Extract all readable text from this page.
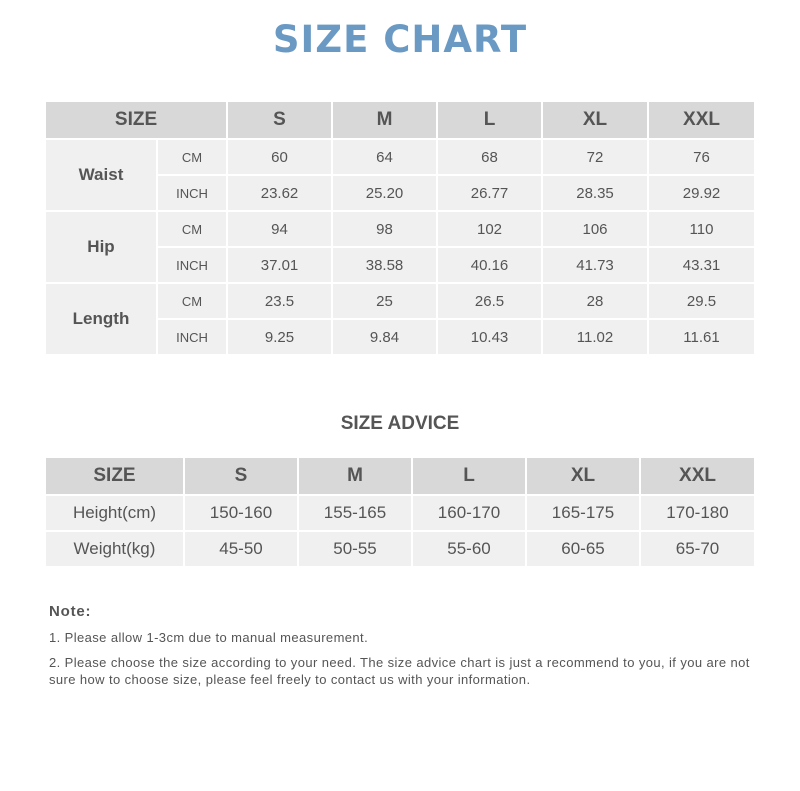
SIZE CHART
SIZE		S	M	L	XL	XXL
Waist	CM	60	64	68	72	76
	INCH	23.62	25.20	26.77	28.35	29.92
Hip	CM	94	98	102	106	110
	INCH	37.01	38.58	40.16	41.73	43.31
Length	CM	23.5	25	26.5	28	29.5
	INCH	9.25	9.84	10.43	11.02	11.61
SIZE ADVICE
SIZE	S	M	L	XL	XXL
Height(cm)	150-160	155-165	160-170	165-175	170-180
Weight(kg)	45-50	50-55	55-60	60-65	65-70
Note:

1. Please allow 1-3cm due to manual measurement.

2. Please choose the size according to your need. The size advice chart is just a recommend to you, if you are not sure how to choose size, please feel freely to contact us with your information.
